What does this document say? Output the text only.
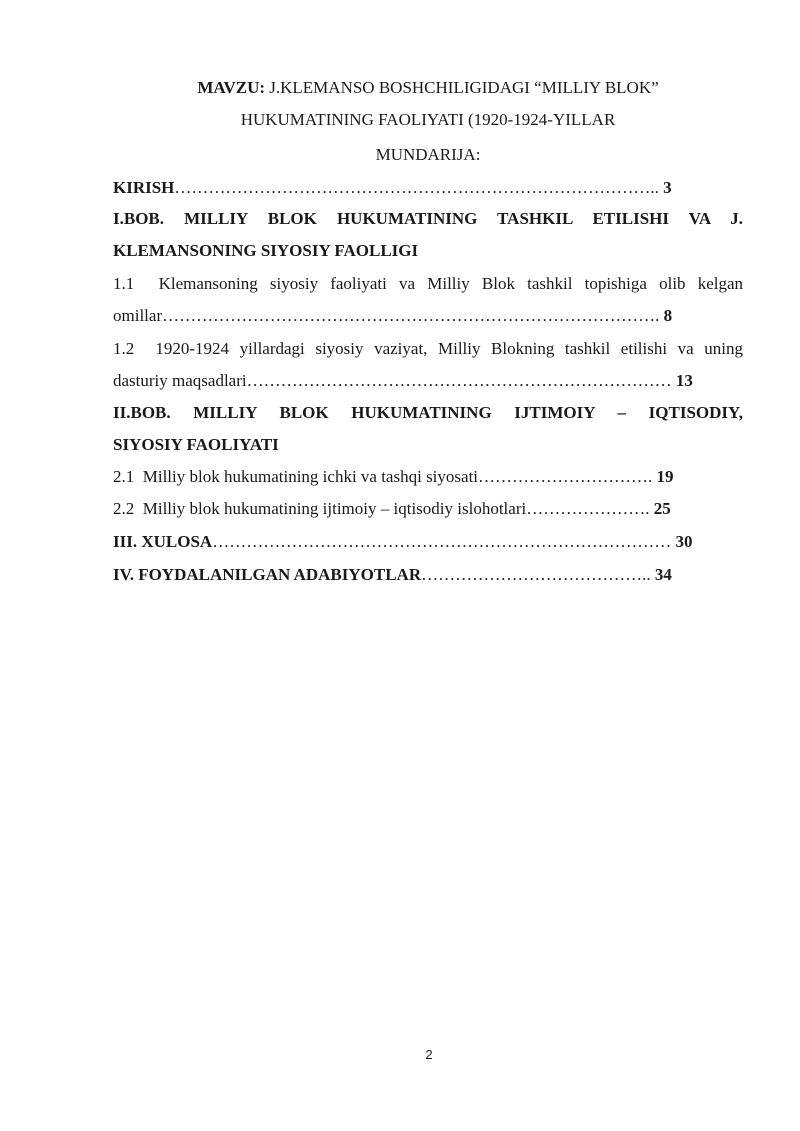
MAVZU: J.KLEMANSO BOSHCHILIGIDAGI “MILLIY BLOK”
HUKUMATINING FAOLIYATI (1920-1924-YILLAR
MUNDARIJA:
KIRISH………………………………………………………………………….. 3
I.BOB. MILLIY BLOK HUKUMATINING TASHKIL ETILISHI VA J.
KLEMANSONING SIYOSIY FAOLLIGI
1.1 Klemansoning siyosiy faoliyati va Milliy Blok tashkil topishiga olib kelgan
omillar……………………………………………………………………………. 8
1.2 1920-1924 yillardagi siyosiy vaziyat, Milliy Blokning tashkil etilishi va uning
dasturiy maqsadlari………………………………………………………………… 13
II.BOB. MILLIY BLOK HUKUMATINING IJTIMOIY – IQTISODIY,
SIYOSIY FAOLIYATI
2.1 Milliy blok hukumatining ichki va tashqi siyosati…………………………. 19
2.2 Milliy blok hukumatining ijtimoiy – iqtisodiy islohotlari…………………. 25
III. XULOSA……………………………………………………………………… 30
IV. FOYDALANILGAN ADABIYOTLAR………………………………….. 34
2
